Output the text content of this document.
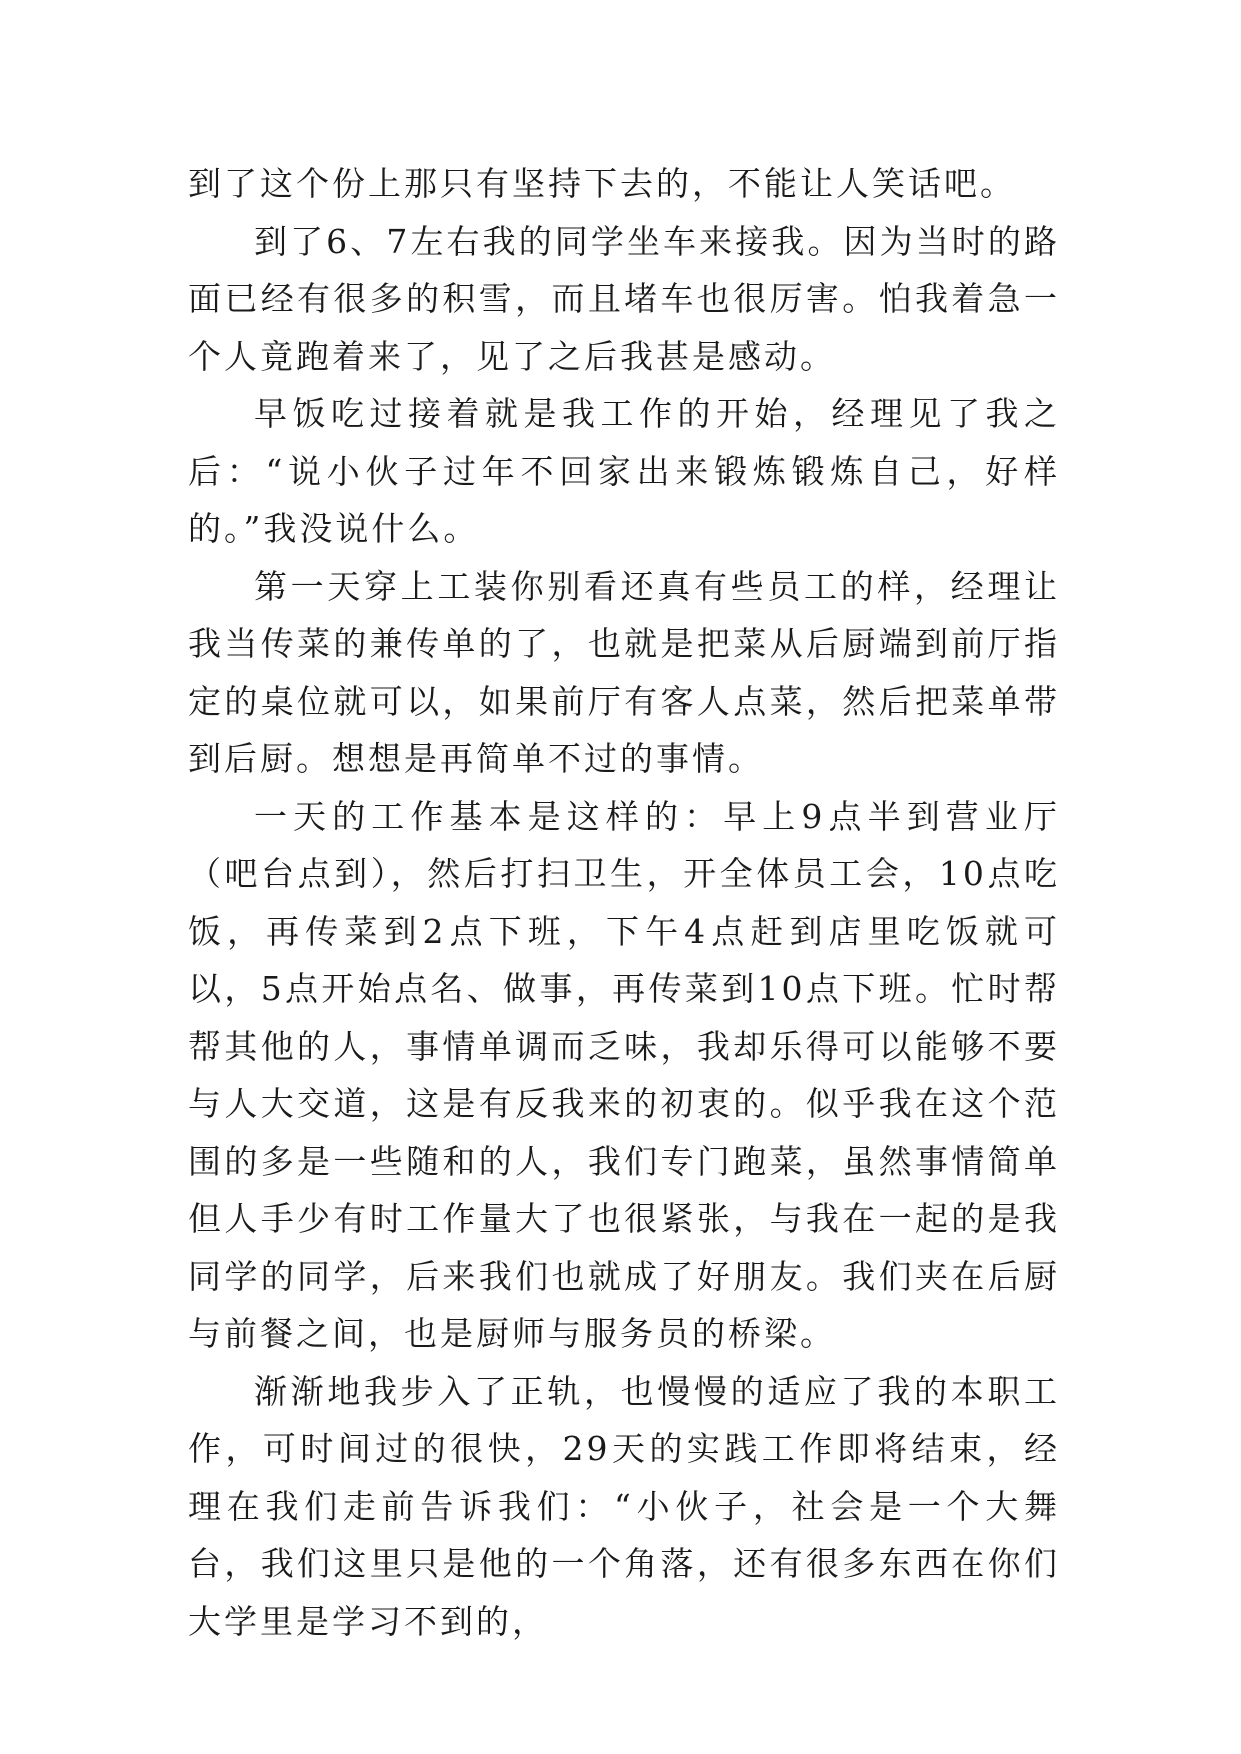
到了这个份上那只有坚持下去的，不能让人笑话吧。

到了6、7左右我的同学坐车来接我。因为当时的路面已经有很多的积雪，而且堵车也很厉害。怕我着急一个人竟跑着来了，见了之后我甚是感动。

早饭吃过接着就是我工作的开始，经理见了我之后：“说小伙子过年不回家出来锻炼锻炼自己，好样的。”我没说什么。

第一天穿上工装你别看还真有些员工的样，经理让我当传菜的兼传单的了，也就是把菜从后厨端到前厅指定的桌位就可以，如果前厅有客人点菜，然后把菜单带到后厨。想想是再简单不过的事情。

一天的工作基本是这样的：早上9点半到营业厅（吧台点到），然后打扫卫生，开全体员工会，10点吃饭，再传菜到2点下班，下午4点赶到店里吃饭就可以，5点开始点名、做事，再传菜到10点下班。忙时帮帮其他的人，事情单调而乏味，我却乐得可以能够不要与人大交道，这是有反我来的初衷的。似乎我在这个范围的多是一些随和的人，我们专门跑菜，虽然事情简单但人手少有时工作量大了也很紧张，与我在一起的是我同学的同学，后来我们也就成了好朋友。我们夹在后厨与前餐之间，也是厨师与服务员的桥梁。

渐渐地我步入了正轨，也慢慢的适应了我的本职工作，可时间过的很快，29天的实践工作即将结束，经理在我们走前告诉我们：“小伙子，社会是一个大舞台，我们这里只是他的一个角落，还有很多东西在你们大学里是学习不到的，
